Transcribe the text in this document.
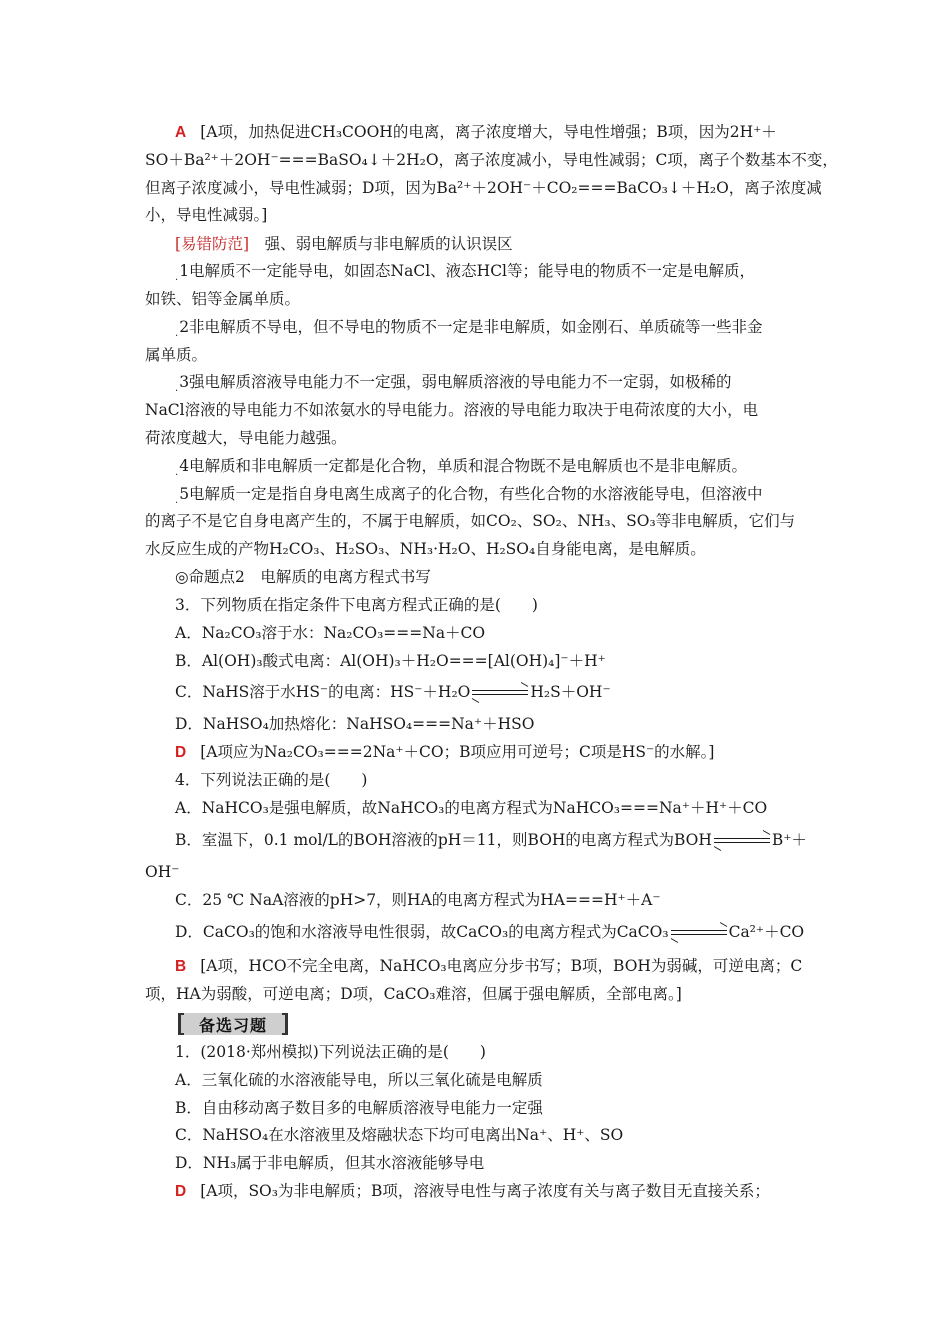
A [A项，加热促进CH₃COOH的电离，离子浓度增大，导电性增强；B项，因为2H⁺＋
SO＋Ba²⁺＋2OH⁻===BaSO₄↓＋2H₂O，离子浓度减小，导电性减弱；C项，离子个数基本不变，
但离子浓度减小，导电性减弱；D项，因为Ba²⁺＋2OH⁻＋CO₂===BaCO₃↓＋H₂O，离子浓度减
小，导电性减弱。]
[易错防范]　 强、弱电解质与非电解质的认识误区
$_.$1电解质不一定能导电，如固态NaCl、液态HCl等；能导电的物质不一定是电解质，
如铁、铝等金属单质。
$_.$2非电解质不导电，但不导电的物质不一定是非电解质，如金刚石、单质硫等一些非金
属单质。
$_.$3强电解质溶液导电能力不一定强，弱电解质溶液的导电能力不一定弱，如极稀的
NaCl溶液的导电能力不如浓氨水的导电能力。溶液的导电能力取决于电荷浓度的大小，电
荷浓度越大，导电能力越强。
$_.$4电解质和非电解质一定都是化合物，单质和混合物既不是电解质也不是非电解质。
$_.$5电解质一定是指自身电离生成离子的化合物，有些化合物的水溶液能导电，但溶液中
的离子不是它自身电离产生的，不属于电解质，如CO₂、SO₂、NH₃、SO₃等非电解质，它们与
水反应生成的产物H₂CO₃、H₂SO₃、NH₃·H₂O、H₂SO₄自身能电离，是电解质。
◎命题点2　电解质的电离方程式书写
3．下列物质在指定条件下电离方程式正确的是(　　)
A．Na₂CO₃溶于水：Na₂CO₃===Na＋CO
B．Al(OH)₃酸式电离：Al(OH)₃＋H₂O===[Al(OH)₄]⁻＋H⁺
C．NaHS溶于水HS⁻的电离：HS⁻＋H₂O	H₂S＋OH⁻
D．NaHSO₄加热熔化：NaHSO₄===Na⁺＋HSO
D [A项应为Na₂CO₃===2Na⁺＋CO；B项应用可逆号；C项是HS⁻的水解。]
4．下列说法正确的是(　　)
A．NaHCO₃是强电解质，故NaHCO₃的电离方程式为NaHCO₃===Na⁺＋H⁺＋CO
B．室温下，0.1 mol/L的BOH溶液的pH＝11，则BOH的电离方程式为BOH	B⁺＋
OH⁻
C．25 ℃ NaA溶液的pH>7，则HA的电离方程式为HA===H⁺＋A⁻
D．CaCO₃的饱和水溶液导电性很弱，故CaCO₃的电离方程式为CaCO₃	Ca²⁺＋CO
B [A项，HCO不完全电离，NaHCO₃电离应分步书写；B项，BOH为弱碱，可逆电离；C
项，HA为弱酸，可逆电离；D项，CaCO₃难溶，但属于强电解质，全部电离。]
备选习题
1．(2018·郑州模拟)下列说法正确的是(　　)
A．三氧化硫的水溶液能导电，所以三氧化硫是电解质
B．自由移动离子数目多的电解质溶液导电能力一定强
C．NaHSO₄在水溶液里及熔融状态下均可电离出Na⁺、H⁺、SO
D．NH₃属于非电解质，但其水溶液能够导电
D [A项，SO₃为非电解质；B项，溶液导电性与离子浓度有关与离子数目无直接关系；
